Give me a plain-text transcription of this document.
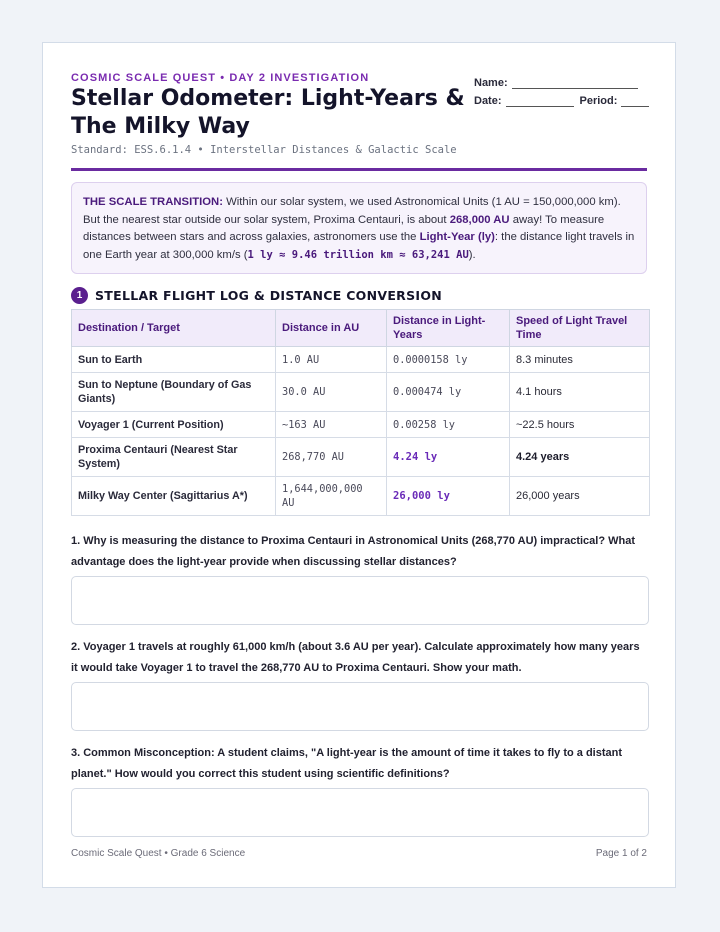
COSMIC SCALE QUEST • DAY 2 INVESTIGATION
Stellar Odometer: Light-Years & The Milky Way
Standard: ESS.6.1.4 • Interstellar Distances & Galactic Scale
Name:
Date:	Period:
THE SCALE TRANSITION: Within our solar system, we used Astronomical Units (1 AU = 150,000,000 km). But the nearest star outside our solar system, Proxima Centauri, is about 268,000 AU away! To measure distances between stars and across galaxies, astronomers use the Light-Year (ly): the distance light travels in one Earth year at 300,000 km/s (1 ly ≈ 9.46 trillion km ≈ 63,241 AU).
1	STELLAR FLIGHT LOG & DISTANCE CONVERSION
Destination / Target	Distance in AU	Distance in Light-Years	Speed of Light Travel Time
Sun to Earth	1.0 AU	0.0000158 ly	8.3 minutes
Sun to Neptune (Boundary of Gas Giants)	30.0 AU	0.000474 ly	4.1 hours
Voyager 1 (Current Position)	~163 AU	0.00258 ly	~22.5 hours
Proxima Centauri (Nearest Star System)	268,770 AU	4.24 ly	4.24 years
Milky Way Center (Sagittarius A*)	1,644,000,000 AU	26,000 ly	26,000 years
1. Why is measuring the distance to Proxima Centauri in Astronomical Units (268,770 AU) impractical? What advantage does the light-year provide when discussing stellar distances?
2. Voyager 1 travels at roughly 61,000 km/h (about 3.6 AU per year). Calculate approximately how many years it would take Voyager 1 to travel the 268,770 AU to Proxima Centauri. Show your math.
3. Common Misconception: A student claims, "A light-year is the amount of time it takes to fly to a distant planet." How would you correct this student using scientific definitions?
Cosmic Scale Quest • Grade 6 Science	Page 1 of 2
